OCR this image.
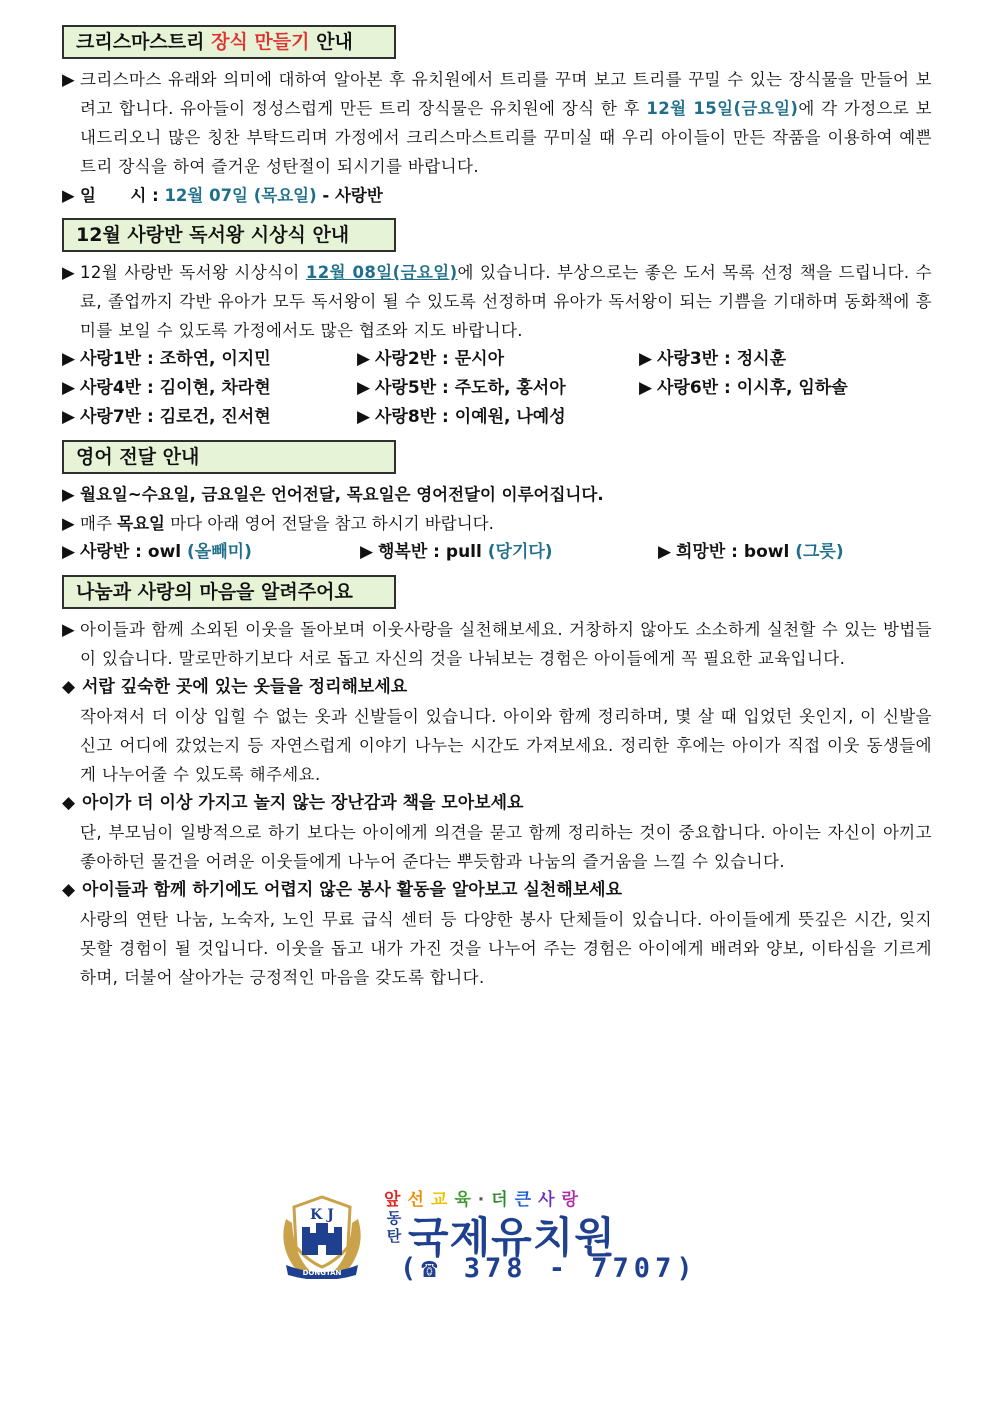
크리스마스트리 장식 만들기 안내

▶ 크리스마스 유래와 의미에 대하여 알아본 후 유치원에서 트리를 꾸며 보고 트리를 꾸밀 수 있는 장식물을 만들어 보려고 합니다. 유아들이 정성스럽게 만든 트리 장식물은 유치원에 장식 한 후 12월 15일(금요일)에 각 가정으로 보내드리오니 많은 칭찬 부탁드리며 가정에서 크리스마스트리를 꾸미실 때 우리 아이들이 만든 작품을 이용하여 예쁜 트리 장식을 하여 즐거운 성탄절이 되시기를 바랍니다.

▶ 일      시 : 12월 07일 (목요일) - 사랑반
12월 사랑반 독서왕 시상식 안내

▶ 12월 사랑반 독서왕 시상식이 12월 08일(금요일)에 있습니다. 부상으로는 좋은 도서 목록 선정 책을 드립니다. 수료, 졸업까지 각반 유아가 모두 독서왕이 될 수 있도록 선정하며 유아가 독서왕이 되는 기쁨을 기대하며 동화책에 흥미를 보일 수 있도록 가정에서도 많은 협조와 지도 바랍니다.

▶ 사랑1반 : 조하연, 이지민	▶ 사랑2반 : 문시아	▶ 사랑3반 : 정시훈
▶ 사랑4반 : 김이현, 차라현	▶ 사랑5반 : 주도하, 홍서아	▶ 사랑6반 : 이시후, 임하솔
▶ 사랑7반 : 김로건, 진서현	▶ 사랑8반 : 이예원, 나예성
영어 전달 안내
▶ 월요일~수요일, 금요일은 언어전달, 목요일은 영어전달이 이루어집니다.
▶ 매주 목요일 마다 아래 영어 전달을 참고 하시기 바랍니다.
▶ 사랑반 : owl (올빼미)	▶ 행복반 : pull (당기다)	▶ 희망반 : bowl (그릇)
나눔과 사랑의 마음을 알려주어요

▶ 아이들과 함께 소외된 이웃을 돌아보며 이웃사랑을 실천해보세요. 거창하지 않아도 소소하게 실천할 수 있는 방법들이 있습니다. 말로만하기보다 서로 돕고 자신의 것을 나눠보는 경험은 아이들에게 꼭 필요한 교육입니다.

◆ 서랍 깊숙한 곳에 있는 옷들을 정리해보세요
작아져서 더 이상 입힐 수 없는 옷과 신발들이 있습니다. 아이와 함께 정리하며, 몇 살 때 입었던 옷인지, 이 신발을 신고 어디에 갔었는지 등 자연스럽게 이야기 나누는 시간도 가져보세요. 정리한 후에는 아이가 직접 이웃 동생들에게 나누어줄 수 있도록 해주세요.
◆ 아이가 더 이상 가지고 놀지 않는 장난감과 책을 모아보세요
단, 부모님이 일방적으로 하기 보다는 아이에게 의견을 묻고 함께 정리하는 것이 중요합니다. 아이는 자신이 아끼고 좋아하던 물건을 어려운 이웃들에게 나누어 준다는 뿌듯함과 나눔의 즐거움을 느낄 수 있습니다.
◆ 아이들과 함께 하기에도 어렵지 않은 봉사 활동을 알아보고 실천해보세요
사랑의 연탄 나눔, 노숙자, 노인 무료 급식 센터 등 다양한 봉사 단체들이 있습니다. 아이들에게 뜻깊은 시간, 잊지 못할 경험이 될 것입니다. 이웃을 돕고 내가 가진 것을 나누어 주는 경험은 아이에게 배려와 양보, 이타심을 기르게 하며, 더불어 살아가는 긍정적인 마음을 갖도록 합니다.
K J
DONGTAN
앞선교육·더큰사랑
동
탄 국제유치원
(☎ 378 - 7707)
